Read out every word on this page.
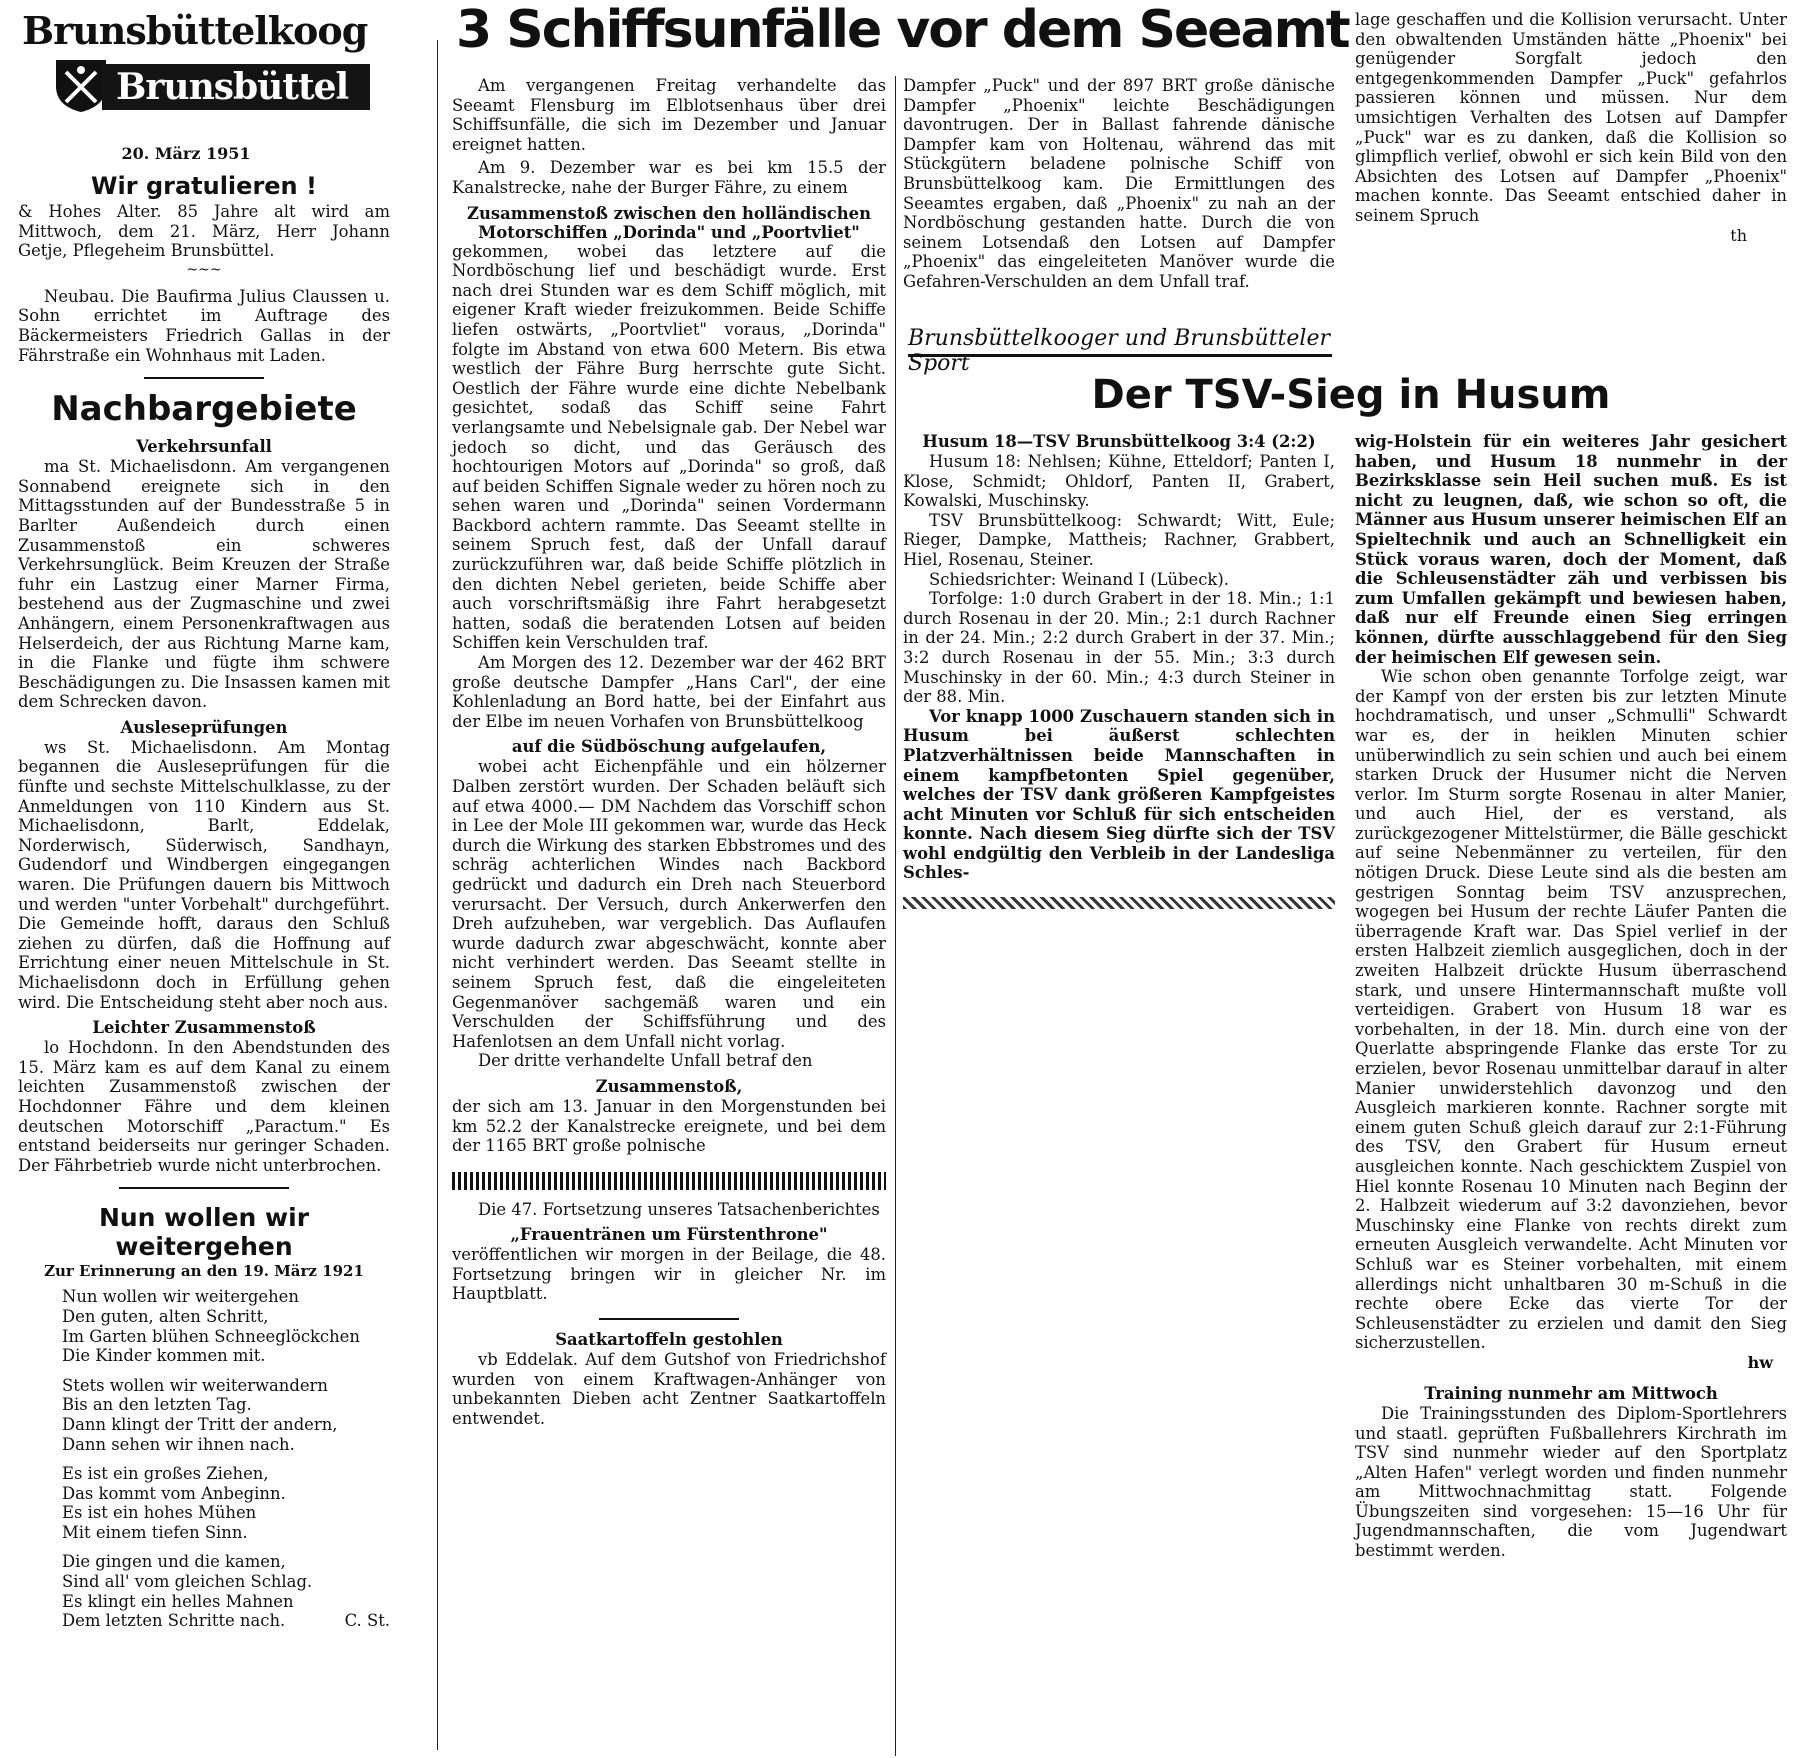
Brunsbüttelkoog
Brunsbüttel
20. März 1951
Wir gratulieren !

& Hohes Alter. 85 Jahre alt wird am Mittwoch, dem 21. März, Herr Johann Getje, Pflegeheim Brunsbüttel.

~~~

Neubau. Die Baufirma Julius Claussen u. Sohn errichtet im Auftrage des Bäckermeisters Friedrich Gallas in der Fährstraße ein Wohnhaus mit Laden.

Nachbargebiete
Verkehrsunfall

ma St. Michaelisdonn. Am vergangenen Sonnabend ereignete sich in den Mittagsstunden auf der Bundesstraße 5 in Barlter Außendeich durch einen Zusammenstoß ein schweres Verkehrsunglück. Beim Kreuzen der Straße fuhr ein Lastzug einer Marner Firma, bestehend aus der Zugmaschine und zwei Anhängern, einem Personenkraftwagen aus Helserdeich, der aus Richtung Marne kam, in die Flanke und fügte ihm schwere Beschädigungen zu. Die Insassen kamen mit dem Schrecken davon.

Ausleseprüfungen

ws St. Michaelisdonn. Am Montag begannen die Ausleseprüfungen für die fünfte und sechste Mittelschulklasse, zu der Anmeldungen von 110 Kindern aus St. Michaelisdonn, Barlt, Eddelak, Norderwisch, Süderwisch, Sandhayn, Gudendorf und Windbergen eingegangen waren. Die Prüfungen dauern bis Mittwoch und werden "unter Vorbehalt" durchgeführt. Die Gemeinde hofft, daraus den Schluß ziehen zu dürfen, daß die Hoffnung auf Errichtung einer neuen Mittelschule in St. Michaelisdonn doch in Erfüllung gehen wird. Die Entscheidung steht aber noch aus.

Leichter Zusammenstoß

lo Hochdonn. In den Abendstunden des 15. März kam es auf dem Kanal zu einem leichten Zusammenstoß zwischen der Hochdonner Fähre und dem kleinen deutschen Motorschiff „Paractum." Es entstand beiderseits nur geringer Schaden. Der Fährbetrieb wurde nicht unterbrochen.

Nun wollen wir weitergehen
Zur Erinnerung an den 19. März 1921

Nun wollen wir weitergehen

Den guten, alten Schritt,

Im Garten blühen Schneeglöckchen

Die Kinder kommen mit.

Stets wollen wir weiterwandern

Bis an den letzten Tag.

Dann klingt der Tritt der andern,

Dann sehen wir ihnen nach.

Es ist ein großes Ziehen,

Das kommt vom Anbeginn.

Es ist ein hohes Mühen

Mit einem tiefen Sinn.

Die gingen und die kamen,

Sind all' vom gleichen Schlag.

Es klingt ein helles Mahnen

Dem letzten Schritte nach.	C. St.

3 Schiffsunfälle vor dem Seeamt

Am vergangenen Freitag verhandelte das Seeamt Flensburg im Elblotsenhaus über drei Schiffsunfälle, die sich im Dezember und Januar ereignet hatten.

Am 9. Dezember war es bei km 15.5 der Kanalstrecke, nahe der Burger Fähre, zu einem

Zusammenstoß zwischen den holländischen Motorschiffen „Dorinda" und „Poortvliet"

gekommen, wobei das letztere auf die Nordböschung lief und beschädigt wurde. Erst nach drei Stunden war es dem Schiff möglich, mit eigener Kraft wieder freizukommen. Beide Schiffe liefen ostwärts, „Poortvliet" voraus, „Dorinda" folgte im Abstand von etwa 600 Metern. Bis etwa westlich der Fähre Burg herrschte gute Sicht. Oestlich der Fähre wurde eine dichte Nebelbank gesichtet, sodaß das Schiff seine Fahrt verlangsamte und Nebelsignale gab. Der Nebel war jedoch so dicht, und das Geräusch des hochtourigen Motors auf „Dorinda" so groß, daß auf beiden Schiffen Signale weder zu hören noch zu sehen waren und „Dorinda" seinen Vordermann Backbord achtern rammte. Das Seeamt stellte in seinem Spruch fest, daß der Unfall darauf zurückzuführen war, daß beide Schiffe plötzlich in den dichten Nebel gerieten, beide Schiffe aber auch vorschriftsmäßig ihre Fahrt herabgesetzt hatten, sodaß die beratenden Lotsen auf beiden Schiffen kein Verschulden traf.

Am Morgen des 12. Dezember war der 462 BRT große deutsche Dampfer „Hans Carl", der eine Kohlenladung an Bord hatte, bei der Einfahrt aus der Elbe im neuen Vorhafen von Brunsbüttelkoog

auf die Südböschung aufgelaufen,

wobei acht Eichenpfähle und ein hölzerner Dalben zerstört wurden. Der Schaden beläuft sich auf etwa 4000.— DM Nachdem das Vorschiff schon in Lee der Mole III gekommen war, wurde das Heck durch die Wirkung des starken Ebbstromes und des schräg achterlichen Windes nach Backbord gedrückt und dadurch ein Dreh nach Steuerbord verursacht. Der Versuch, durch Ankerwerfen den Dreh aufzuheben, war vergeblich. Das Auflaufen wurde dadurch zwar abgeschwächt, konnte aber nicht verhindert werden. Das Seeamt stellte in seinem Spruch fest, daß die eingeleiteten Gegenmanöver sachgemäß waren und ein Verschulden der Schiffsführung und des Hafenlotsen an dem Unfall nicht vorlag.

Der dritte verhandelte Unfall betraf den

Zusammenstoß,

der sich am 13. Januar in den Morgenstunden bei km 52.2 der Kanalstrecke ereignete, und bei dem der 1165 BRT große polnische

Die 47. Fortsetzung unseres Tatsachenberichtes

„Frauentränen um Fürstenthrone"

veröffentlichen wir morgen in der Beilage, die 48. Fortsetzung bringen wir in gleicher Nr. im Hauptblatt.

Saatkartoffeln gestohlen

vb Eddelak. Auf dem Gutshof von Friedrichshof wurden von einem Kraftwagen-Anhänger von unbekannten Dieben acht Zentner Saatkartoffeln entwendet.

Dampfer „Puck" und der 897 BRT große dänische Dampfer „Phoenix" leichte Beschädigungen davontrugen. Der in Ballast fahrende dänische Dampfer kam von Holtenau, während das mit Stückgütern beladene polnische Schiff von Brunsbüttelkoog kam. Die Ermittlungen des Seeamtes ergaben, daß „Phoenix" zu nah an der Nordböschung gestanden hatte. Durch die von seinem Lotsendaß den Lotsen auf Dampfer „Phoenix" das eingeleiteten Manöver wurde die Gefahren-Verschulden an dem Unfall traf.

Brunsbüttelkooger und Brunsbütteler Sport
Der TSV-Sieg in Husum
Husum 18—TSV Brunsbüttelkoog 3:4 (2:2)

Husum 18: Nehlsen; Kühne, Etteldorf; Panten I, Klose, Schmidt; Ohldorf, Panten II, Grabert, Kowalski, Muschinsky.

TSV Brunsbüttelkoog: Schwardt; Witt, Eule; Rieger, Dampke, Mattheis; Rachner, Grabbert, Hiel, Rosenau, Steiner.

Schiedsrichter: Weinand I (Lübeck).

Torfolge: 1:0 durch Grabert in der 18. Min.; 1:1 durch Rosenau in der 20. Min.; 2:1 durch Rachner in der 24. Min.; 2:2 durch Grabert in der 37. Min.; 3:2 durch Rosenau in der 55. Min.; 3:3 durch Muschinsky in der 60. Min.; 4:3 durch Steiner in der 88. Min.

Vor knapp 1000 Zuschauern standen sich in Husum bei äußerst schlechten Platzverhältnissen beide Mannschaften in einem kampfbetonten Spiel gegenüber, welches der TSV dank größeren Kampfgeistes acht Minuten vor Schluß für sich entscheiden konnte. Nach diesem Sieg dürfte sich der TSV wohl endgültig den Verbleib in der Landesliga Schles-

lage geschaffen und die Kollision verursacht. Unter den obwaltenden Umständen hätte „Phoenix" bei genügender Sorgfalt jedoch den entgegenkommenden Dampfer „Puck" gefahrlos passieren können und müssen. Nur dem umsichtigen Verhalten des Lotsen auf Dampfer „Puck" war es zu danken, daß die Kollision so glimpflich verlief, obwohl er sich kein Bild von den Absichten des Lotsen auf Dampfer „Phoenix" machen konnte. Das Seeamt entschied daher in seinem Spruch

th

wig-Holstein für ein weiteres Jahr gesichert haben, und Husum 18 nunmehr in der Bezirksklasse sein Heil suchen muß. Es ist nicht zu leugnen, daß, wie schon so oft, die Männer aus Husum unserer heimischen Elf an Spieltechnik und auch an Schnelligkeit ein Stück voraus waren, doch der Moment, daß die Schleusenstädter zäh und verbissen bis zum Umfallen gekämpft und bewiesen haben, daß nur elf Freunde einen Sieg erringen können, dürfte ausschlaggebend für den Sieg der heimischen Elf gewesen sein.

Wie schon oben genannte Torfolge zeigt, war der Kampf von der ersten bis zur letzten Minute hochdramatisch, und unser „Schmulli" Schwardt war es, der in heiklen Minuten schier unüberwindlich zu sein schien und auch bei einem starken Druck der Husumer nicht die Nerven verlor. Im Sturm sorgte Rosenau in alter Manier, und auch Hiel, der es verstand, als zurückgezogener Mittelstürmer, die Bälle geschickt auf seine Nebenmänner zu verteilen, für den nötigen Druck. Diese Leute sind als die besten am gestrigen Sonntag beim TSV anzusprechen, wogegen bei Husum der rechte Läufer Panten die überragende Kraft war. Das Spiel verlief in der ersten Halbzeit ziemlich ausgeglichen, doch in der zweiten Halbzeit drückte Husum überraschend stark, und unsere Hintermannschaft mußte voll verteidigen. Grabert von Husum 18 war es vorbehalten, in der 18. Min. durch eine von der Querlatte abspringende Flanke das erste Tor zu erzielen, bevor Rosenau unmittelbar darauf in alter Manier unwiderstehlich davonzog und den Ausgleich markieren konnte. Rachner sorgte mit einem guten Schuß gleich darauf zur 2:1-Führung des TSV, den Grabert für Husum erneut ausgleichen konnte. Nach geschicktem Zuspiel von Hiel konnte Rosenau 10 Minuten nach Beginn der 2. Halbzeit wiederum auf 3:2 davonziehen, bevor Muschinsky eine Flanke von rechts direkt zum erneuten Ausgleich verwandelte. Acht Minuten vor Schluß war es Steiner vorbehalten, mit einem allerdings nicht unhaltbaren 30 m-Schuß in die rechte obere Ecke das vierte Tor der Schleusenstädter zu erzielen und damit den Sieg sicherzustellen.

hw
Training nunmehr am Mittwoch

Die Trainingsstunden des Diplom-Sportlehrers und staatl. geprüften Fußballehrers Kirchrath im TSV sind nunmehr wieder auf den Sportplatz „Alten Hafen" verlegt worden und finden nunmehr am Mittwochnachmittag statt. Folgende Übungszeiten sind vorgesehen: 15—16 Uhr für Jugendmannschaften, die vom Jugendwart bestimmt werden.
